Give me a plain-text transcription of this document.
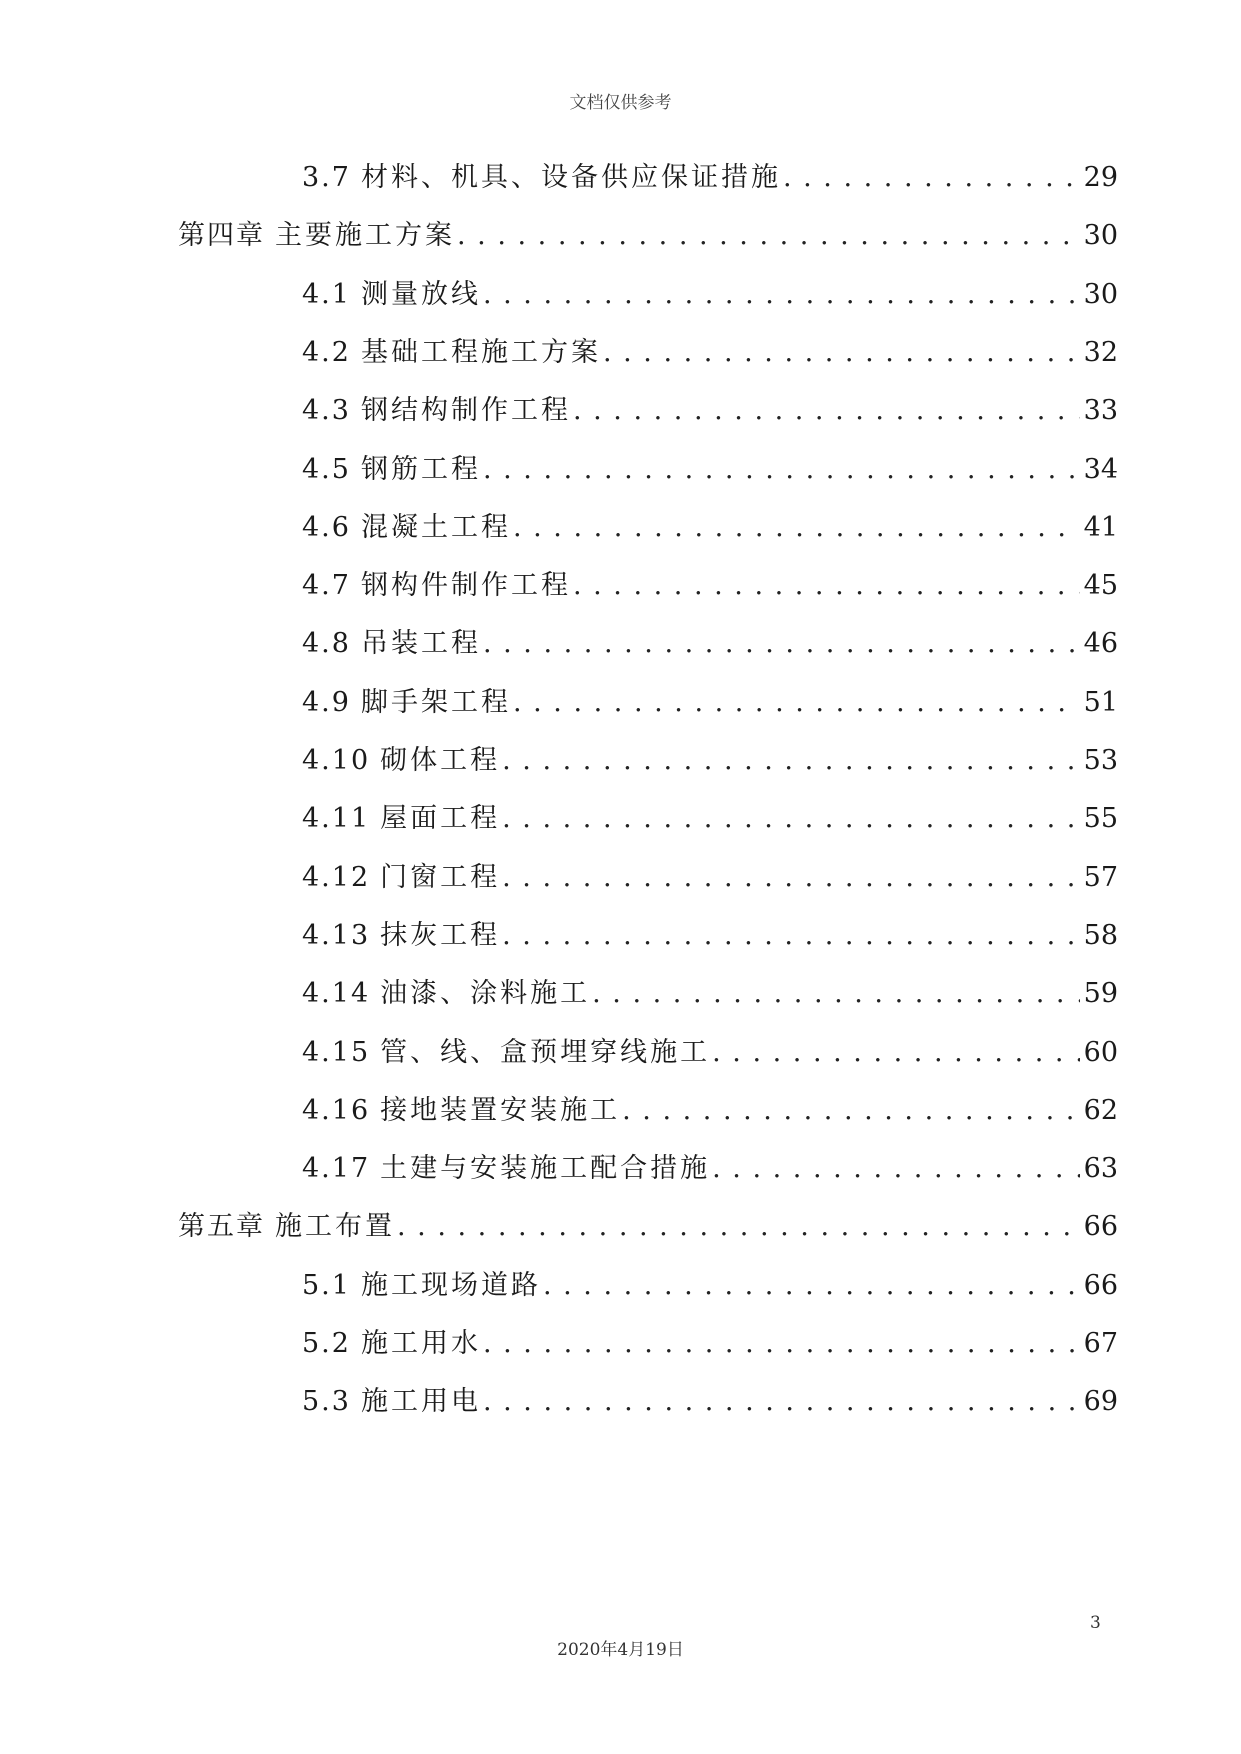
文档仅供参考
3.7 材料、机具、设备供应保证措施 . . .	29
第四章 主要施工方案 . . .	30
4.1 测量放线 . . .	30
4.2 基础工程施工方案 . . .	32
4.3 钢结构制作工程 . . .	33
4.5 钢筋工程 . . .	34
4.6 混凝土工程 . . .	41
4.7 钢构件制作工程 . . .	45
4.8 吊装工程 . . .	46
4.9 脚手架工程 . . .	51
4.10 砌体工程 . . .	53
4.11 屋面工程 . . .	55
4.12 门窗工程 . . .	57
4.13 抹灰工程 . . .	58
4.14 油漆、涂料施工 . . .	59
4.15 管、线、盒预埋穿线施工 . . .	60
4.16 接地装置安装施工 . . .	62
4.17 土建与安装施工配合措施 . . .	63
第五章 施工布置 . . .	66
5.1 施工现场道路 . . .	66
5.2 施工用水 . . .	67
5.3 施工用电 . . .	69
3
2020年4月19日
